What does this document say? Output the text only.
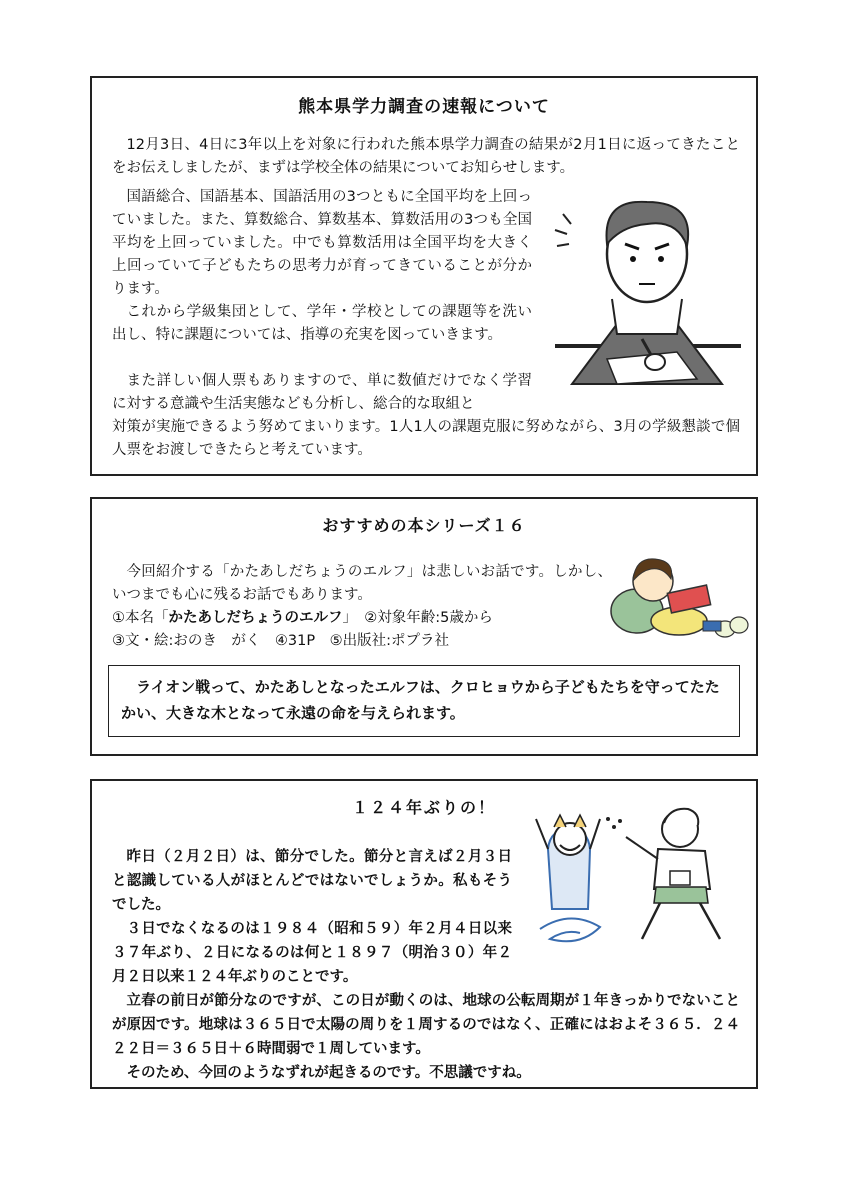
熊本県学力調査の速報について

12月3日、4日に3年以上を対象に行われた熊本県学力調査の結果が2月1日に返ってきたことをお伝えしましたが、まずは学校全体の結果についてお知らせします。

国語総合、国語基本、国語活用の3つともに全国平均を上回っていました。また、算数総合、算数基本、算数活用の3つも全国平均を上回っていました。中でも算数活用は全国平均を大きく上回っていて子どもたちの思考力が育ってきていることが分かります。

これから学級集団として、学年・学校としての課題等を洗い出し、特に課題については、指導の充実を図っていきます。

また詳しい個人票もありますので、単に数値だけでなく学習に対する意識や生活実態なども分析し、総合的な取組と

対策が実施できるよう努めてまいります。1人1人の課題克服に努めながら、3月の学級懇談で個人票をお渡しできたらと考えています。

おすすめの本シリーズ１６

今回紹介する「かたあしだちょうのエルフ」は悲しいお話です。しかし、いつまでも心に残るお話でもあります。

①本名「かたあしだちょうのエルフ」　②対象年齢:5歳から

③文・絵:おのき　がく　④31P　⑤出版社:ポプラ社

ライオン戦って、かたあしとなったエルフは、クロヒョウから子どもたちを守ってたたかい、大きな木となって永遠の命を与えられます。
１２４年ぶりの！

昨日（２月２日）は、節分でした。節分と言えば２月３日と認識している人がほとんどではないでしょうか。私もそうでした。

３日でなくなるのは１９８４（昭和５９）年２月４日以来３７年ぶり、２日になるのは何と１８９７（明治３０）年２月２日以来１２４年ぶりのことです。

立春の前日が節分なのですが、この日が動くのは、地球の公転周期が１年きっかりでないことが原因です。地球は３６５日で太陽の周りを１周するのではなく、正確にはおよそ３６５．２４２２日＝３６５日＋６時間弱で１周しています。

そのため、今回のようなずれが起きるのです。不思議ですね。
